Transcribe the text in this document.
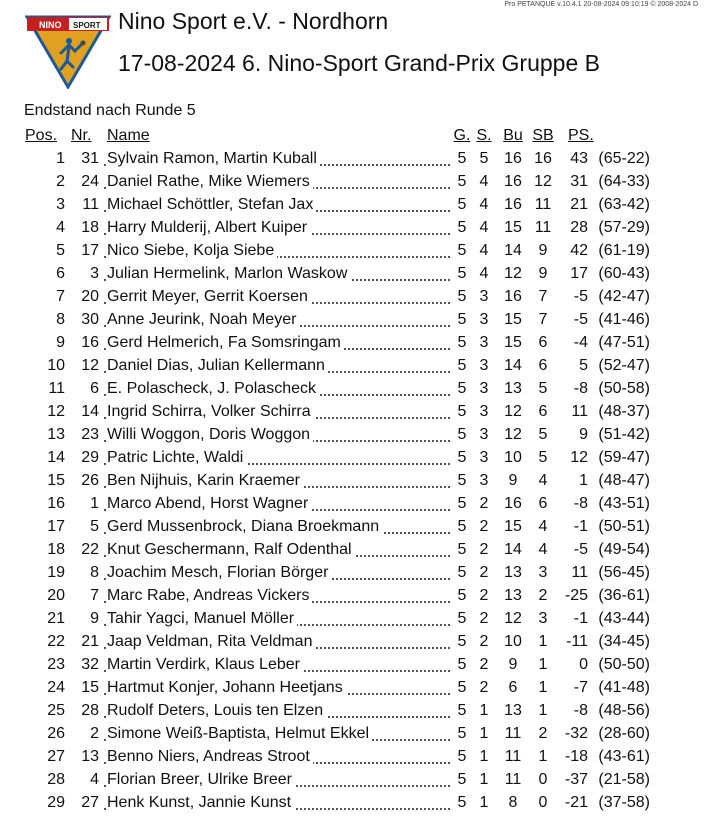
Pro PETANQUE v.10.4.1 20-08-2024 09:10:19 © 2008-2024 D
NINO SPORT Nino Sport e.V. - Nordhorn
17-08-2024 6. Nino-Sport Grand-Prix Gruppe B
Endstand nach Runde 5
Pos.	Nr.	Name	G.	S.	Bu	SB	PS.	
1	31	Sylvain Ramon, Martin Kuball	5	5	16	16	43	(65-22)
2	24	Daniel Rathe, Mike Wiemers	5	4	16	12	31	(64-33)
3	11	Michael Schöttler, Stefan Jax	5	4	16	11	21	(63-42)
4	18	Harry Mulderij, Albert Kuiper	5	4	15	11	28	(57-29)
5	17	Nico Siebe, Kolja Siebe	5	4	14	9	42	(61-19)
6	3	Julian Hermelink, Marlon Waskow	5	4	12	9	17	(60-43)
7	20	Gerrit Meyer, Gerrit Koersen	5	3	16	7	-5	(42-47)
8	30	Anne Jeurink, Noah Meyer	5	3	15	7	-5	(41-46)
9	16	Gerd Helmerich, Fa Somsringam	5	3	15	6	-4	(47-51)
10	12	Daniel Dias, Julian Kellermann	5	3	14	6	5	(52-47)
11	6	E. Polascheck, J. Polascheck	5	3	13	5	-8	(50-58)
12	14	Ingrid Schirra, Volker Schirra	5	3	12	6	11	(48-37)
13	23	Willi Woggon, Doris Woggon	5	3	12	5	9	(51-42)
14	29	Patric Lichte, Waldi	5	3	10	5	12	(59-47)
15	26	Ben Nijhuis, Karin Kraemer	5	3	9	4	1	(48-47)
16	1	Marco Abend, Horst Wagner	5	2	16	6	-8	(43-51)
17	5	Gerd Mussenbrock, Diana Broekmann	5	2	15	4	-1	(50-51)
18	22	Knut Geschermann, Ralf Odenthal	5	2	14	4	-5	(49-54)
19	8	Joachim Mesch, Florian Börger	5	2	13	3	11	(56-45)
20	7	Marc Rabe, Andreas Vickers	5	2	13	2	-25	(36-61)
21	9	Tahir Yagci, Manuel Möller	5	2	12	3	-1	(43-44)
22	21	Jaap Veldman, Rita Veldman	5	2	10	1	-11	(34-45)
23	32	Martin Verdirk, Klaus Leber	5	2	9	1	0	(50-50)
24	15	Hartmut Konjer, Johann Heetjans	5	2	6	1	-7	(41-48)
25	28	Rudolf Deters, Louis ten Elzen	5	1	13	1	-8	(48-56)
26	2	Simone Weiß-Baptista, Helmut Ekkel	5	1	11	2	-32	(28-60)
27	13	Benno Niers, Andreas Stroot	5	1	11	1	-18	(43-61)
28	4	Florian Breer, Ulrike Breer	5	1	11	0	-37	(21-58)
29	27	Henk Kunst, Jannie Kunst	5	1	8	0	-21	(37-58)
